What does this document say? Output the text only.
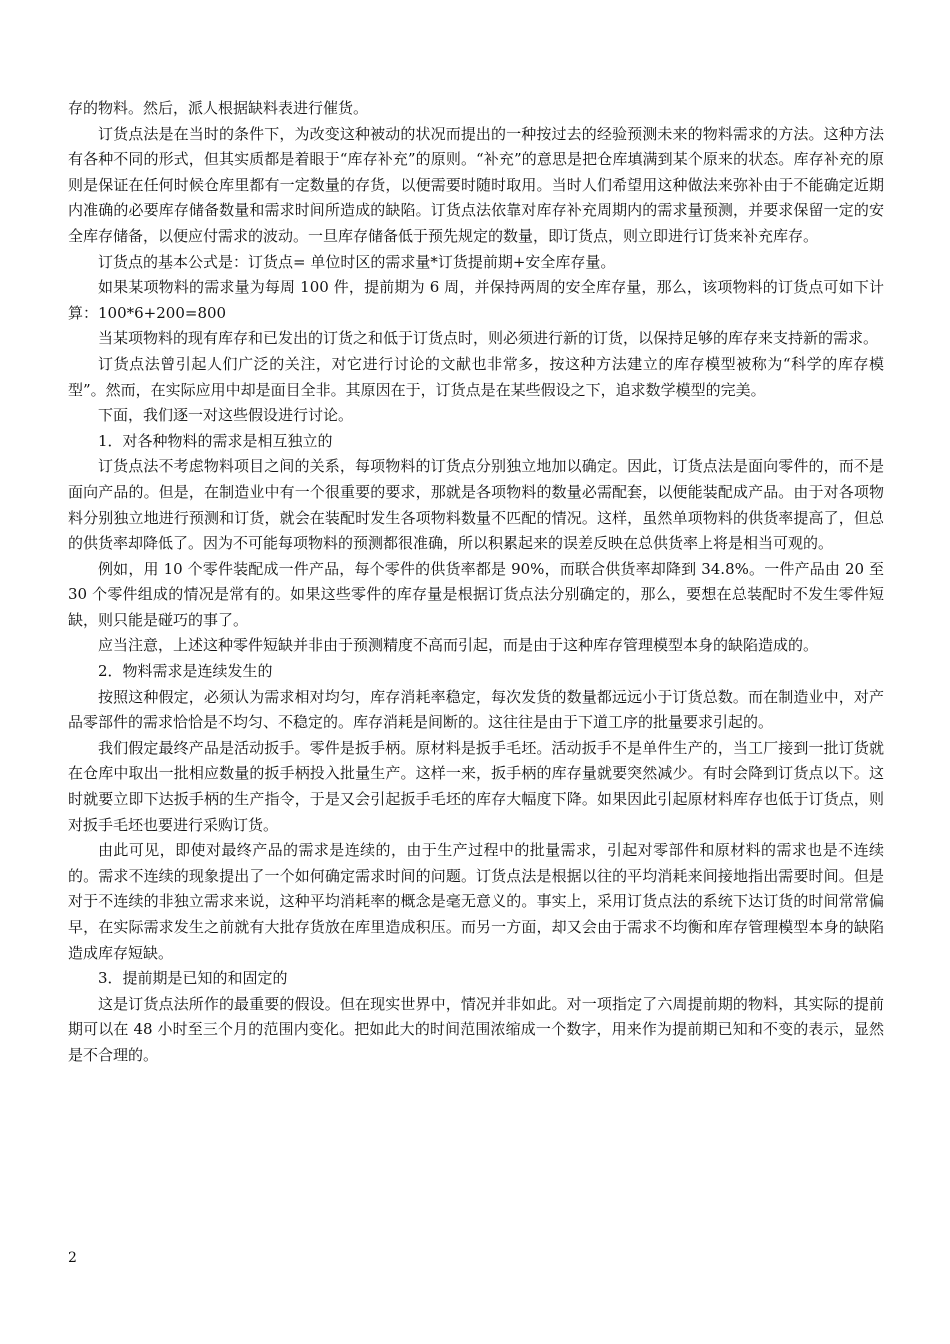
存的物料。然后，派人根据缺料表进行催货。

订货点法是在当时的条件下，为改变这种被动的状况而提出的一种按过去的经验预测未来的物料需求的方法。这种方法有各种不同的形式，但其实质都是着眼于“库存补充”的原则。“补充”的意思是把仓库填满到某个原来的状态。库存补充的原则是保证在任何时候仓库里都有一定数量的存货，以便需要时随时取用。当时人们希望用这种做法来弥补由于不能确定近期内准确的必要库存储备数量和需求时间所造成的缺陷。订货点法依靠对库存补充周期内的需求量预测，并要求保留一定的安全库存储备，以便应付需求的波动。一旦库存储备低于预先规定的数量，即订货点，则立即进行订货来补充库存。

订货点的基本公式是：订货点= 单位时区的需求量*订货提前期+安全库存量。

如果某项物料的需求量为每周 100 件，提前期为 6 周，并保持两周的安全库存量，那么，该项物料的订货点可如下计算：100*6+200=800

当某项物料的现有库存和已发出的订货之和低于订货点时，则必须进行新的订货，以保持足够的库存来支持新的需求。

订货点法曾引起人们广泛的关注，对它进行讨论的文献也非常多，按这种方法建立的库存模型被称为“科学的库存模型”。然而，在实际应用中却是面目全非。其原因在于，订货点是在某些假设之下，追求数学模型的完美。

下面，我们逐一对这些假设进行讨论。

1．对各种物料的需求是相互独立的

订货点法不考虑物料项目之间的关系，每项物料的订货点分别独立地加以确定。因此，订货点法是面向零件的，而不是面向产品的。但是，在制造业中有一个很重要的要求，那就是各项物料的数量必需配套，以便能装配成产品。由于对各项物料分别独立地进行预测和订货，就会在装配时发生各项物料数量不匹配的情况。这样，虽然单项物料的供货率提高了，但总的供货率却降低了。因为不可能每项物料的预测都很准确，所以积累起来的误差反映在总供货率上将是相当可观的。

例如，用 10 个零件装配成一件产品，每个零件的供货率都是 90%，而联合供货率却降到 34.8%。一件产品由 20 至 30 个零件组成的情况是常有的。如果这些零件的库存量是根据订货点法分别确定的，那么，要想在总装配时不发生零件短缺，则只能是碰巧的事了。

应当注意，上述这种零件短缺并非由于预测精度不高而引起，而是由于这种库存管理模型本身的缺陷造成的。

2．物料需求是连续发生的

按照这种假定，必须认为需求相对均匀，库存消耗率稳定，每次发货的数量都远远小于订货总数。而在制造业中，对产品零部件的需求恰恰是不均匀、不稳定的。库存消耗是间断的。这往往是由于下道工序的批量要求引起的。

我们假定最终产品是活动扳手。零件是扳手柄。原材料是扳手毛坯。活动扳手不是单件生产的，当工厂接到一批订货就在仓库中取出一批相应数量的扳手柄投入批量生产。这样一来，扳手柄的库存量就要突然减少。有时会降到订货点以下。这时就要立即下达扳手柄的生产指令，于是又会引起扳手毛坯的库存大幅度下降。如果因此引起原材料库存也低于订货点，则对扳手毛坯也要进行采购订货。

由此可见，即使对最终产品的需求是连续的，由于生产过程中的批量需求，引起对零部件和原材料的需求也是不连续的。需求不连续的现象提出了一个如何确定需求时间的问题。订货点法是根据以往的平均消耗来间接地指出需要时间。但是对于不连续的非独立需求来说，这种平均消耗率的概念是毫无意义的。事实上，采用订货点法的系统下达订货的时间常常偏早，在实际需求发生之前就有大批存货放在库里造成积压。而另一方面，却又会由于需求不均衡和库存管理模型本身的缺陷造成库存短缺。

3．提前期是已知的和固定的

这是订货点法所作的最重要的假设。但在现实世界中，情况并非如此。对一项指定了六周提前期的物料，其实际的提前期可以在 48 小时至三个月的范围内变化。把如此大的时间范围浓缩成一个数字，用来作为提前期已知和不变的表示，显然是不合理的。

2
